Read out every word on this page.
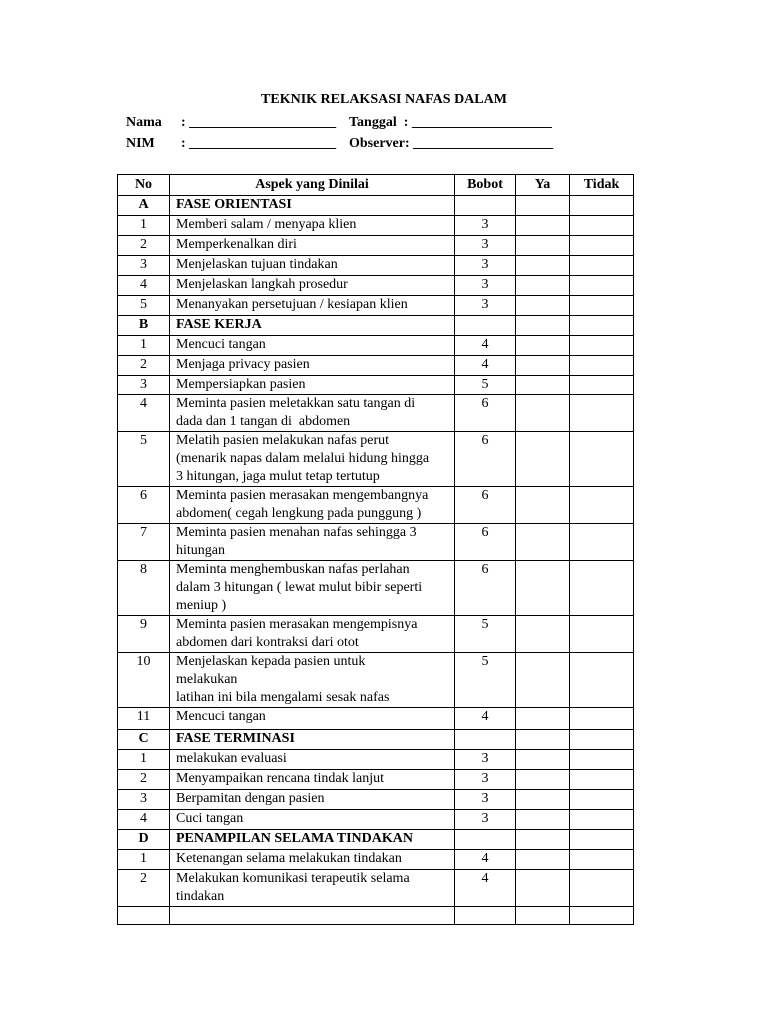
TEKNIK RELAKSASI NAFAS DALAM
Nama : _____________________ Tanggal  : ____________________
NIM : _____________________ Observer: ____________________
No	Aspek yang Dinilai	Bobot	Ya	Tidak
A	FASE ORIENTASI			
1	Memberi salam / menyapa klien	3		
2	Memperkenalkan diri	3		
3	Menjelaskan tujuan tindakan	3		
4	Menjelaskan langkah prosedur	3		
5	Menanyakan persetujuan / kesiapan klien	3		
B	FASE KERJA			
1	Mencuci tangan	4		
2	Menjaga privacy pasien	4		
3	Mempersiapkan pasien	5		
4	Meminta pasien meletakkan satu tangan di
dada dan 1 tangan di  abdomen	6		
5	Melatih pasien melakukan nafas perut
(menarik napas dalam melalui hidung hingga
3 hitungan, jaga mulut tetap tertutup	6		
6	Meminta pasien merasakan mengembangnya
abdomen( cegah lengkung pada punggung )	6		
7	Meminta pasien menahan nafas sehingga 3
hitungan	6		
8	Meminta menghembuskan nafas perlahan
dalam 3 hitungan ( lewat mulut bibir seperti
meniup )	6		
9	Meminta pasien merasakan mengempisnya
abdomen dari kontraksi dari otot	5		
10	Menjelaskan kepada pasien untuk
melakukan
latihan ini bila mengalami sesak nafas	5		
11	Mencuci tangan	4		
C	FASE TERMINASI			
1	melakukan evaluasi	3		
2	Menyampaikan rencana tindak lanjut	3		
3	Berpamitan dengan pasien	3		
4	Cuci tangan	3		
D	PENAMPILAN SELAMA TINDAKAN			
1	Ketenangan selama melakukan tindakan	4		
2	Melakukan komunikasi terapeutik selama
tindakan	4		
